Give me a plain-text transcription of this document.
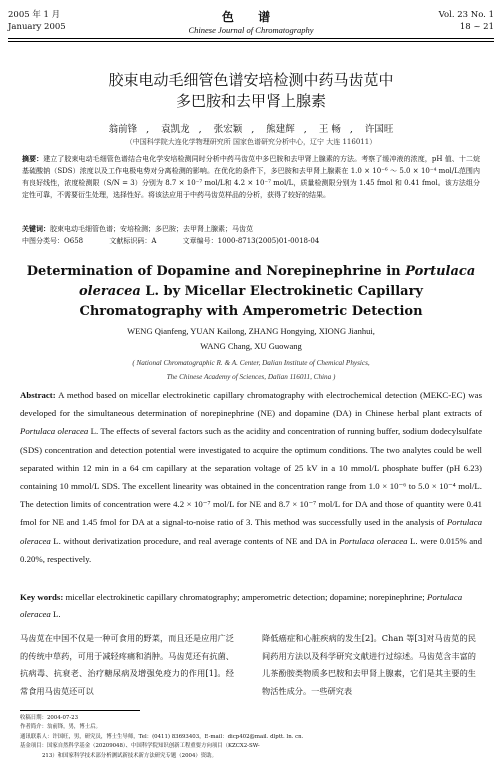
2005 年 1 月
January 2005
色 谱
Chinese Journal of Chromatography
Vol. 23 No. 1
18 ~ 21
胶束电动毛细管色谱安培检测中药马齿苋中
多巴胺和去甲肾上腺素
翁前锋 , 袁凯龙 , 张宏颖 , 熊建辉 , 王 畅 , 许国旺
（中国科学院大连化学物理研究所 国家色谱研究分析中心，辽宁 大连 116011）
摘要：建立了胶束电动毛细管色谱结合电化学安培检测同时分析中药马齿苋中多巴胺和去甲肾上腺素的方法。考察了缓冲液的浓度，pH 值、十二烷基硫酸钠（SDS）浓度以及工作电极电势对分离检测的影响。在优化的条件下，多巴胺和去甲肾上腺素在 1.0 × 10⁻⁶ ～ 5.0 × 10⁻⁴ mol/L范围内有良好线性，浓度检测限（S/N = 3）分别为 8.7 × 10⁻⁷ mol/L和 4.2 × 10⁻⁷ mol/L，质量检测限分别为 1.45 fmol 和 0.41 fmol。该方法组分定性可靠，不需要衍生处理，选择性好。将该法应用于中药马齿苋样品的分析，获得了较好的结果。
关键词：胶束电动毛细管色谱；安培检测；多巴胺；去甲肾上腺素；马齿苋
中图分类号：O658	文献标识码：A	文章编号：1000-8713(2005)01-0018-04
Determination of Dopamine and Norepinephrine in Portulaca
oleracea L. by Micellar Electrokinetic Capillary
Chromatography with Amperometric Detection
WENG Qianfeng, YUAN Kailong, ZHANG Hongying, XIONG Jianhui,
WANG Chang, XU Guowang
( National Chromatographic R. & A. Center, Dalian Institute of Chemical Physics,
The Chinese Academy of Sciences, Dalian 116011, China )
Abstract: A method based on micellar electrokinetic capillary chromatography with electrochemical detection (MEKC-EC) was developed for the simultaneous determination of norepinephrine (NE) and dopamine (DA) in Chinese herbal plant extracts of Portulaca oleracea L. The effects of several factors such as the acidity and concentration of running buffer, sodium dodecylsulfate (SDS) concentration and detection potential were investigated to acquire the optimum conditions. The two analytes could be well separated within 12 min in a 64 cm capillary at the separation voltage of 25 kV in a 10 mmol/L phosphate buffer (pH 6.23) containing 10 mmol/L SDS. The excellent linearity was obtained in the concentration range from 1.0 × 10⁻⁶ to 5.0 × 10⁻⁴ mol/L. The detection limits of concentration were 4.2 × 10⁻⁷ mol/L for NE and 8.7 × 10⁻⁷ mol/L for DA and those of quantity were 0.41 fmol for NE and 1.45 fmol for DA at a signal-to-noise ratio of 3. This method was successfully used in the analysis of Portulaca oleracea L. without derivatization procedure, and real average contents of NE and DA in Portulaca oleracea L. were 0.015% and 0.20%, respectively.
Key words: micellar electrokinetic capillary chromatography; amperometric detection; dopamine; norepinephrine; Portulaca oleracea L.
马齿苋在中国不仅是一种可食用的野菜，而且还是应用广泛的传统中草药，可用于减轻疼痛和消肿。马齿苋还有抗菌、抗病毒、抗衰老、治疗糖尿病及增强免疫力的作用[1]。经常食用马齿苋还可以
降低癌症和心脏疾病的发生[2]。Chan 等[3]对马齿苋的民间药用方法以及科学研究文献进行过综述。马齿苋含丰富的儿茶酚胺类物质多巴胺和去甲肾上腺素，它们是其主要的生物活性成分。一些研究表
收稿日期：2004-07-23
作者简介：翁前锋，男，博士后。
通讯联系人：许国旺，男，研究员，博士生导师，Tel：(0411) 83693403，E-mail：dicp402@mail. dlptt. ln. cn.
基金项目：国家自然科学基金（20209048）、中国科学院知识创新工程重要方向项目（KZCX2-SW-
213）和国家科学技术部分析测试新技术新方法研究专题（2004）资助。
